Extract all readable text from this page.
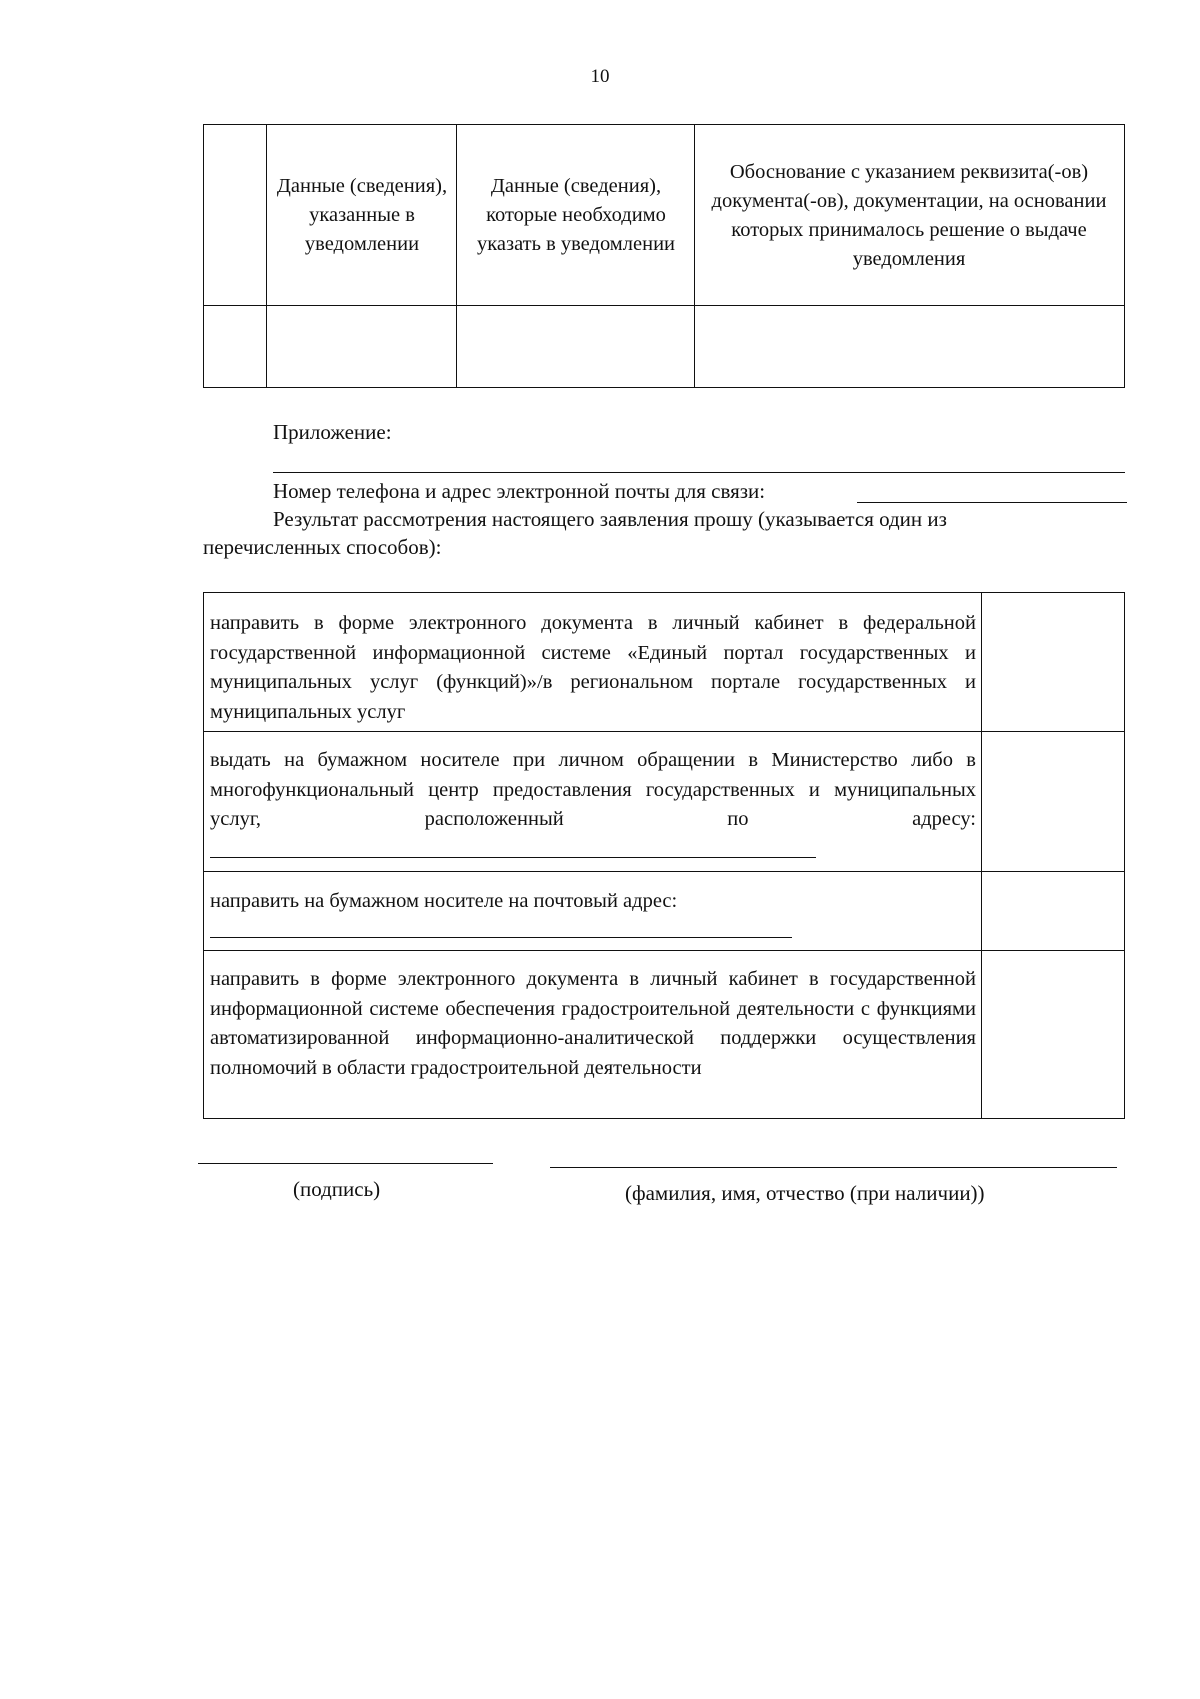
10
Данные (сведения), указанные в уведомлении
Данные (сведения), которые необходимо указать в уведомлении
Обоснование с указанием реквизита(-ов) документа(-ов), документации, на основании которых принималось решение о выдаче уведомления
Приложение:
Номер телефона и адрес электронной почты для связи:
Результат рассмотрения настоящего заявления прошу (указывается один из
перечисленных способов):
направить в форме электронного документа в личный кабинет в федеральной государственной информационной системе «Единый портал государственных и муниципальных услуг (функций)»/в региональном портале государственных и муниципальных услуг
выдать на бумажном носителе при личном обращении в Министерство либо в многофункциональный центр предоставления государственных и муниципальных услуг, расположенный по адресу:
направить на бумажном носителе на почтовый адрес:
направить в форме электронного документа в личный кабинет в государственной информационной системе обеспечения градостроительной деятельности с функциями автоматизированной информационно-аналитической поддержки осуществления полномочий в области градостроительной деятельности
(подпись)	(фамилия, имя, отчество (при наличии))
